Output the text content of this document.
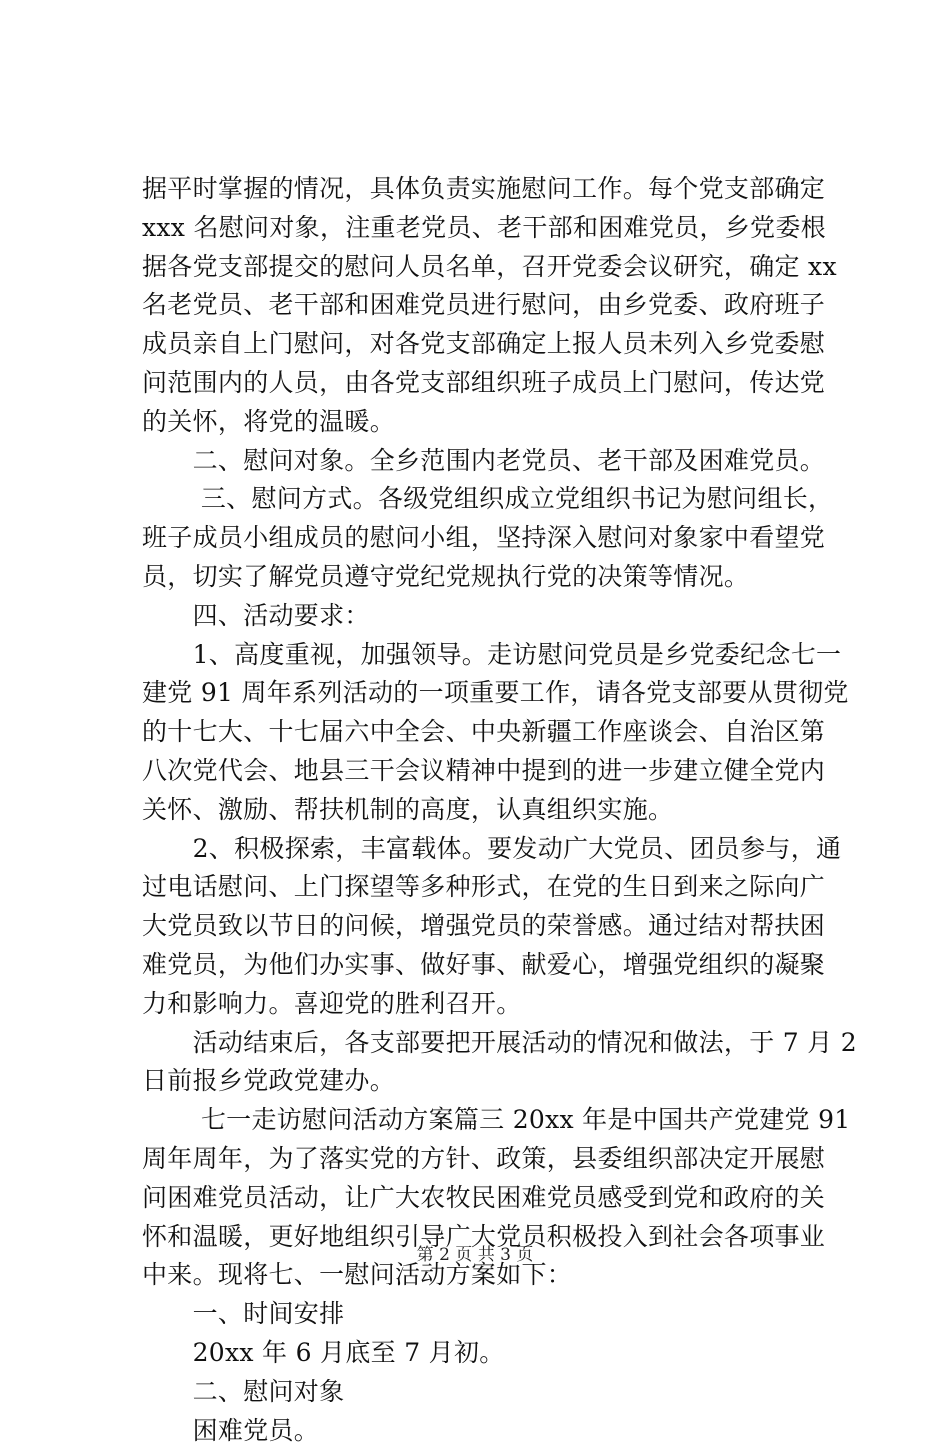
据平时掌握的情况，具体负责实施慰问工作。每个党支部确定
xxx 名慰问对象，注重老党员、老干部和困难党员，乡党委根
据各党支部提交的慰问人员名单，召开党委会议研究，确定 xx
名老党员、老干部和困难党员进行慰问，由乡党委、政府班子
成员亲自上门慰问，对各党支部确定上报人员未列入乡党委慰
问范围内的人员，由各党支部组织班子成员上门慰问，传达党
的关怀，将党的温暖。
　　二、慰问对象。全乡范围内老党员、老干部及困难党员。
　　 三、慰问方式。各级党组织成立党组织书记为慰问组长，
班子成员小组成员的慰问小组，坚持深入慰问对象家中看望党
员，切实了解党员遵守党纪党规执行党的决策等情况。
　　四、活动要求：
　　1、高度重视，加强领导。走访慰问党员是乡党委纪念七一
建党 91 周年系列活动的一项重要工作，请各党支部要从贯彻党
的十七大、十七届六中全会、中央新疆工作座谈会、自治区第
八次党代会、地县三干会议精神中提到的进一步建立健全党内
关怀、激励、帮扶机制的高度，认真组织实施。
　　2、积极探索，丰富载体。要发动广大党员、团员参与，通
过电话慰问、上门探望等多种形式，在党的生日到来之际向广
大党员致以节日的问候，增强党员的荣誉感。通过结对帮扶困
难党员，为他们办实事、做好事、献爱心，增强党组织的凝聚
力和影响力。喜迎党的胜利召开。
　　活动结束后，各支部要把开展活动的情况和做法，于 7 月 2
日前报乡党政党建办。
　　 七一走访慰问活动方案篇三 20xx 年是中国共产党建党 91
周年周年，为了落实党的方针、政策，县委组织部决定开展慰
问困难党员活动，让广大农牧民困难党员感受到党和政府的关
怀和温暖，更好地组织引导广大党员积极投入到社会各项事业
中来。现将七、一慰问活动方案如下：
　　一、时间安排
　　20xx 年 6 月底至 7 月初。
　　二、慰问对象
　　困难党员。
第 2 页 共 3 页
